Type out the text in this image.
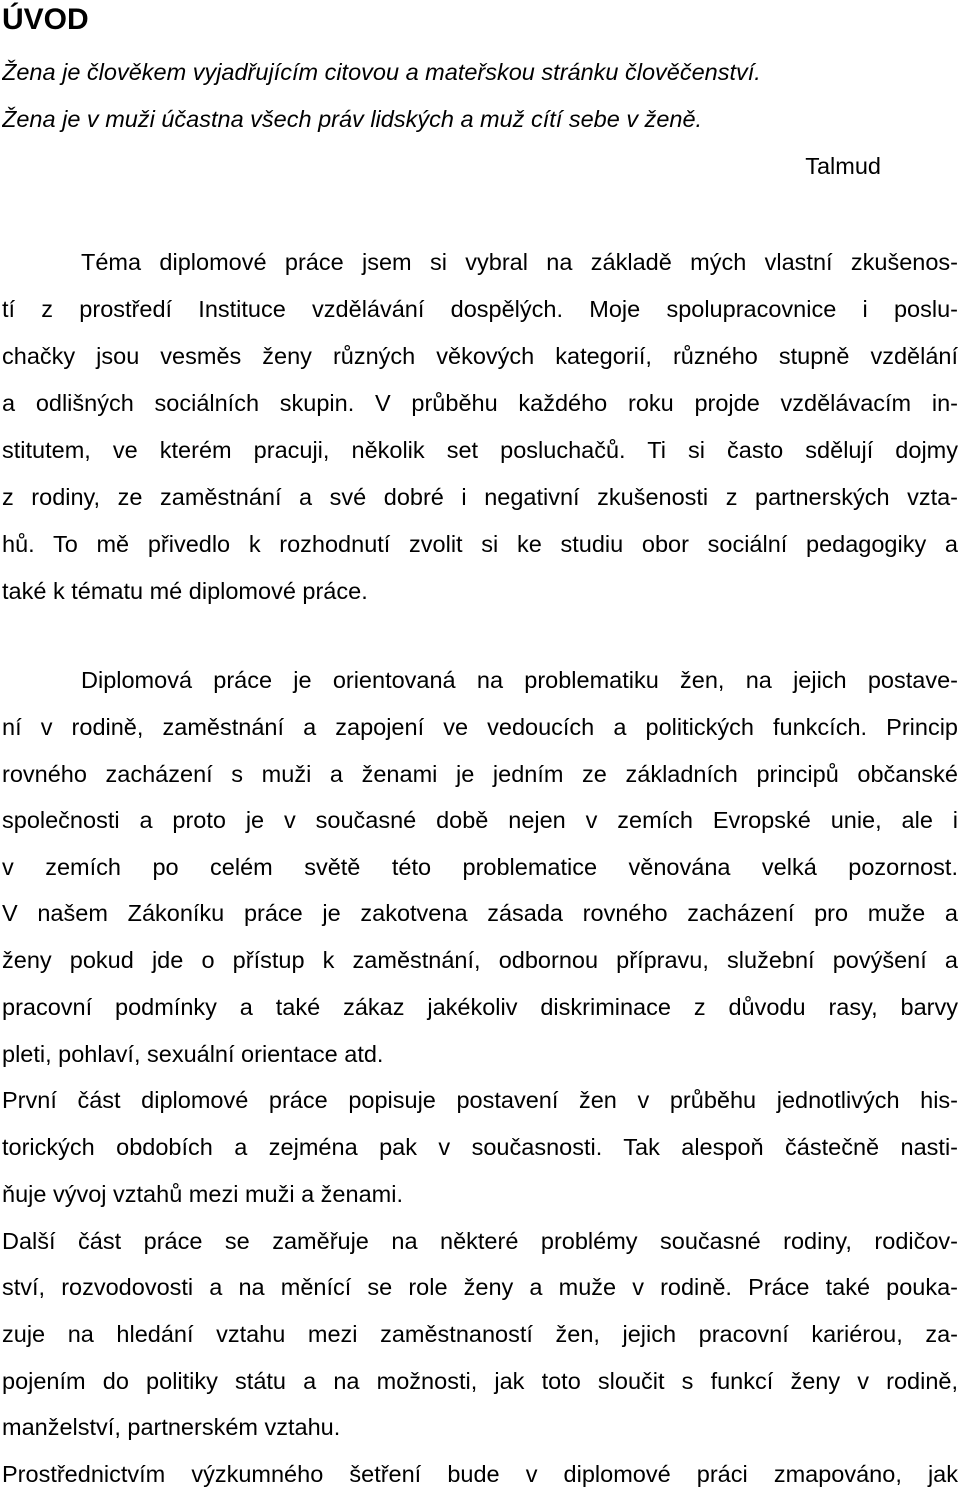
ÚVOD
Žena je člověkem vyjadřujícím citovou a mateřskou stránku člověčenství.
Žena je v muži účastna všech práv lidských a muž cítí sebe v ženě.
Talmud
Téma diplomové práce jsem si vybral na základě mých vlastní zkušenos-
tí z prostředí Instituce vzdělávání dospělých. Moje spolupracovnice i poslu-
chačky jsou vesměs ženy různých věkových kategorií, různého stupně vzdělání
a odlišných sociálních skupin. V průběhu každého roku projde vzdělávacím in-
stitutem, ve kterém pracuji, několik set posluchačů. Ti si často sdělují dojmy
z rodiny, ze zaměstnání a své dobré i negativní zkušenosti z partnerských vzta-
hů. To mě přivedlo k rozhodnutí zvolit si ke studiu obor sociální pedagogiky a
také k tématu mé diplomové práce.
Diplomová práce je orientovaná na problematiku žen, na jejich postave-
ní v rodině, zaměstnání a zapojení ve vedoucích a politických funkcích. Princip
rovného zacházení s muži a ženami je jedním ze základních principů občanské
společnosti a proto je v současné době nejen v zemích Evropské unie, ale i
v zemích po celém světě této problematice věnována velká pozornost.
V našem Zákoníku práce je zakotvena zásada rovného zacházení pro muže a
ženy pokud jde o přístup k zaměstnání, odbornou přípravu, služební povýšení a
pracovní podmínky a také zákaz jakékoliv diskriminace z důvodu rasy, barvy
pleti, pohlaví, sexuální orientace atd.
První část diplomové práce popisuje postavení žen v průběhu jednotlivých his-
torických obdobích a zejména pak v současnosti. Tak alespoň částečně nasti-
ňuje vývoj vztahů mezi muži a ženami.
Další část práce se zaměřuje na některé problémy současné rodiny, rodičov-
ství, rozvodovosti a na měnící se role ženy a muže v rodině. Práce také pouka-
zuje na hledání vztahu mezi zaměstnaností žen, jejich pracovní kariérou, za-
pojením do politiky státu a na možnosti, jak toto sloučit s funkcí ženy v rodině,
manželství, partnerském vztahu.
Prostřednictvím výzkumného šetření bude v diplomové práci zmapováno, jak
